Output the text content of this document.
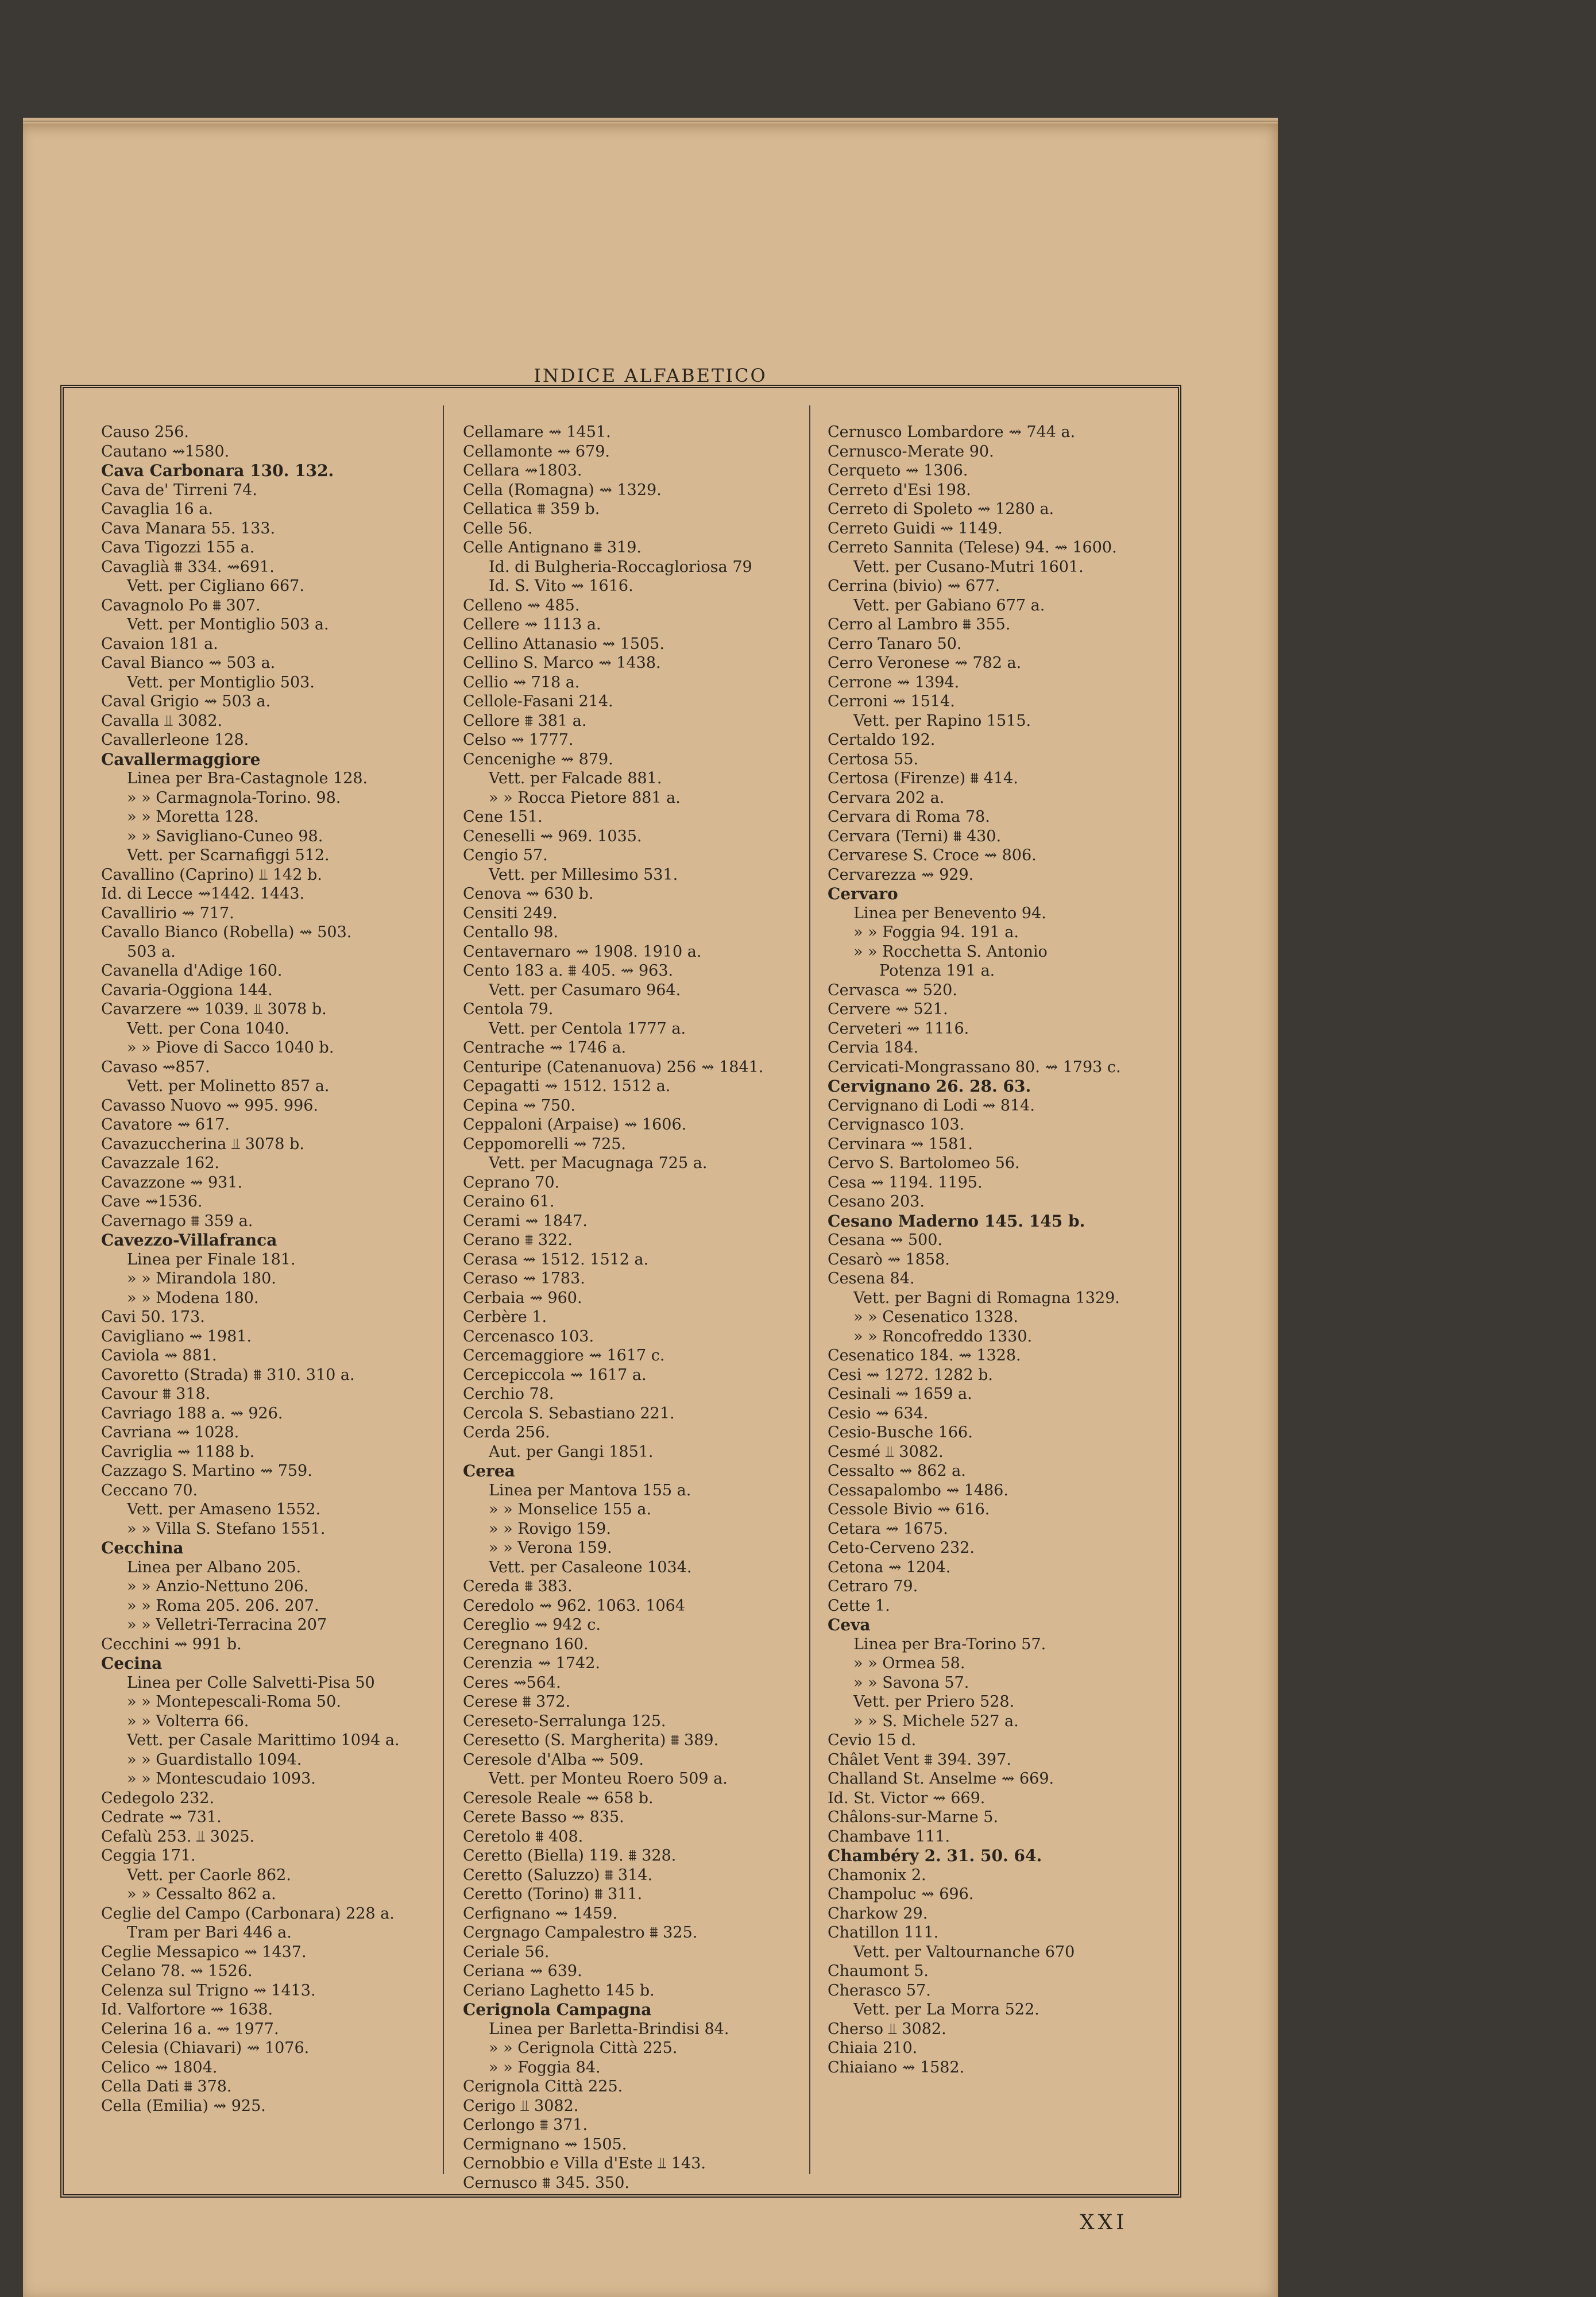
INDICE ALFABETICO
Causo 256.
Cautano ⇝1580.
Cava Carbonara 130. 132.
Cava de' Tirreni 74.
Cavaglia 16 a.
Cava Manara 55. 133.
Cava Tigozzi 155 a.
Cavaglià ⩩ 334. ⇝691.
Vett. per Cigliano 667.
Cavagnolo Po ⩩ 307.
Vett. per Montiglio 503 a.
Cavaion 181 a.
Caval Bianco ⇝ 503 a.
Vett. per Montiglio 503.
Caval Grigio ⇝ 503 a.
Cavalla ⫫ 3082.
Cavallerleone 128.
Cavallermaggiore
Linea per Bra-Castagnole 128.
» » Carmagnola-Torino. 98.
» » Moretta 128.
» » Savigliano-Cuneo 98.
Vett. per Scarnafiggi 512.
Cavallino (Caprino) ⫫ 142 b.
Id. di Lecce ⇝1442. 1443.
Cavallirio ⇝ 717.
Cavallo Bianco (Robella) ⇝ 503.
503 a.
Cavanella d'Adige 160.
Cavaria-Oggiona 144.
Cavarzere ⇝ 1039. ⫫ 3078 b.
Vett. per Cona 1040.
» » Piove di Sacco 1040 b.
Cavaso ⇝857.
Vett. per Molinetto 857 a.
Cavasso Nuovo ⇝ 995. 996.
Cavatore ⇝ 617.
Cavazuccherina ⫫ 3078 b.
Cavazzale 162.
Cavazzone ⇝ 931.
Cave ⇝1536.
Cavernago ⩩ 359 a.
Cavezzo-Villafranca
Linea per Finale 181.
» » Mirandola 180.
» » Modena 180.
Cavi 50. 173.
Cavigliano ⇝ 1981.
Caviola ⇝ 881.
Cavoretto (Strada) ⩩ 310. 310 a.
Cavour ⩩ 318.
Cavriago 188 a. ⇝ 926.
Cavriana ⇝ 1028.
Cavriglia ⇝ 1188 b.
Cazzago S. Martino ⇝ 759.
Ceccano 70.
Vett. per Amaseno 1552.
» » Villa S. Stefano 1551.
Cecchina
Linea per Albano 205.
» » Anzio-Nettuno 206.
» » Roma 205. 206. 207.
» » Velletri-Terracina 207
Cecchini ⇝ 991 b.
Cecina
Linea per Colle Salvetti-Pisa 50
» » Montepescali-Roma 50.
» » Volterra 66.
Vett. per Casale Marittimo 1094 a.
» » Guardistallo 1094.
» » Montescudaio 1093.
Cedegolo 232.
Cedrate ⇝ 731.
Cefalù 253. ⫫ 3025.
Ceggia 171.
Vett. per Caorle 862.
» » Cessalto 862 a.
Ceglie del Campo (Carbonara) 228 a.
Tram per Bari 446 a.
Ceglie Messapico ⇝ 1437.
Celano 78. ⇝ 1526.
Celenza sul Trigno ⇝ 1413.
Id. Valfortore ⇝ 1638.
Celerina 16 a. ⇝ 1977.
Celesia (Chiavari) ⇝ 1076.
Celico ⇝ 1804.
Cella Dati ⩩ 378.
Cella (Emilia) ⇝ 925.
Cellamare ⇝ 1451.
Cellamonte ⇝ 679.
Cellara ⇝1803.
Cella (Romagna) ⇝ 1329.
Cellatica ⩩ 359 b.
Celle 56.
Celle Antignano ⩩ 319.
Id. di Bulgheria-Roccagloriosa 79
Id. S. Vito ⇝ 1616.
Celleno ⇝ 485.
Cellere ⇝ 1113 a.
Cellino Attanasio ⇝ 1505.
Cellino S. Marco ⇝ 1438.
Cellio ⇝ 718 a.
Cellole-Fasani 214.
Cellore ⩩ 381 a.
Celso ⇝ 1777.
Cencenighe ⇝ 879.
Vett. per Falcade 881.
» » Rocca Pietore 881 a.
Cene 151.
Ceneselli ⇝ 969. 1035.
Cengio 57.
Vett. per Millesimo 531.
Cenova ⇝ 630 b.
Censiti 249.
Centallo 98.
Centavernaro ⇝ 1908. 1910 a.
Cento 183 a. ⩩ 405. ⇝ 963.
Vett. per Casumaro 964.
Centola 79.
Vett. per Centola 1777 a.
Centrache ⇝ 1746 a.
Centuripe (Catenanuova) 256 ⇝ 1841.
Cepagatti ⇝ 1512. 1512 a.
Cepina ⇝ 750.
Ceppaloni (Arpaise) ⇝ 1606.
Ceppomorelli ⇝ 725.
Vett. per Macugnaga 725 a.
Ceprano 70.
Ceraino 61.
Cerami ⇝ 1847.
Cerano ⩩ 322.
Cerasa ⇝ 1512. 1512 a.
Ceraso ⇝ 1783.
Cerbaia ⇝ 960.
Cerbère 1.
Cercenasco 103.
Cercemaggiore ⇝ 1617 c.
Cercepiccola ⇝ 1617 a.
Cerchio 78.
Cercola S. Sebastiano 221.
Cerda 256.
Aut. per Gangi 1851.
Cerea
Linea per Mantova 155 a.
» » Monselice 155 a.
» » Rovigo 159.
» » Verona 159.
Vett. per Casaleone 1034.
Cereda ⩩ 383.
Ceredolo ⇝ 962. 1063. 1064
Cereglio ⇝ 942 c.
Ceregnano 160.
Cerenzia ⇝ 1742.
Ceres ⇝564.
Cerese ⩩ 372.
Cereseto-Serralunga 125.
Ceresetto (S. Margherita) ⩩ 389.
Ceresole d'Alba ⇝ 509.
Vett. per Monteu Roero 509 a.
Ceresole Reale ⇝ 658 b.
Cerete Basso ⇝ 835.
Ceretolo ⩩ 408.
Ceretto (Biella) 119. ⩩ 328.
Ceretto (Saluzzo) ⩩ 314.
Ceretto (Torino) ⩩ 311.
Cerfignano ⇝ 1459.
Cergnago Campalestro ⩩ 325.
Ceriale 56.
Ceriana ⇝ 639.
Ceriano Laghetto 145 b.
Cerignola Campagna
Linea per Barletta-Brindisi 84.
» » Cerignola Città 225.
» » Foggia 84.
Cerignola Città 225.
Cerigo ⫫ 3082.
Cerlongo ⩩ 371.
Cermignano ⇝ 1505.
Cernobbio e Villa d'Este ⫫ 143.
Cernusco ⩩ 345. 350.
Cernusco Lombardore ⇝ 744 a.
Cernusco-Merate 90.
Cerqueto ⇝ 1306.
Cerreto d'Esi 198.
Cerreto di Spoleto ⇝ 1280 a.
Cerreto Guidi ⇝ 1149.
Cerreto Sannita (Telese) 94. ⇝ 1600.
Vett. per Cusano-Mutri 1601.
Cerrina (bivio) ⇝ 677.
Vett. per Gabiano 677 a.
Cerro al Lambro ⩩ 355.
Cerro Tanaro 50.
Cerro Veronese ⇝ 782 a.
Cerrone ⇝ 1394.
Cerroni ⇝ 1514.
Vett. per Rapino 1515.
Certaldo 192.
Certosa 55.
Certosa (Firenze) ⩩ 414.
Cervara 202 a.
Cervara di Roma 78.
Cervara (Terni) ⩩ 430.
Cervarese S. Croce ⇝ 806.
Cervarezza ⇝ 929.
Cervaro
Linea per Benevento 94.
» » Foggia 94. 191 a.
» » Rocchetta S. Antonio
Potenza 191 a.
Cervasca ⇝ 520.
Cervere ⇝ 521.
Cerveteri ⇝ 1116.
Cervia 184.
Cervicati-Mongrassano 80. ⇝ 1793 c.
Cervignano 26. 28. 63.
Cervignano di Lodi ⇝ 814.
Cervignasco 103.
Cervinara ⇝ 1581.
Cervo S. Bartolomeo 56.
Cesa ⇝ 1194. 1195.
Cesano 203.
Cesano Maderno 145. 145 b.
Cesana ⇝ 500.
Cesarò ⇝ 1858.
Cesena 84.
Vett. per Bagni di Romagna 1329.
» » Cesenatico 1328.
» » Roncofreddo 1330.
Cesenatico 184. ⇝ 1328.
Cesi ⇝ 1272. 1282 b.
Cesinali ⇝ 1659 a.
Cesio ⇝ 634.
Cesio-Busche 166.
Cesmé ⫫ 3082.
Cessalto ⇝ 862 a.
Cessapalombo ⇝ 1486.
Cessole Bivio ⇝ 616.
Cetara ⇝ 1675.
Ceto-Cerveno 232.
Cetona ⇝ 1204.
Cetraro 79.
Cette 1.
Ceva
Linea per Bra-Torino 57.
» » Ormea 58.
» » Savona 57.
Vett. per Priero 528.
» » S. Michele 527 a.
Cevio 15 d.
Châlet Vent ⩩ 394. 397.
Challand St. Anselme ⇝ 669.
Id. St. Victor ⇝ 669.
Châlons-sur-Marne 5.
Chambave 111.
Chambéry 2. 31. 50. 64.
Chamonix 2.
Champoluc ⇝ 696.
Charkow 29.
Chatillon 111.
Vett. per Valtournanche 670
Chaumont 5.
Cherasco 57.
Vett. per La Morra 522.
Cherso ⫫ 3082.
Chiaia 210.
Chiaiano ⇝ 1582.
XXI
